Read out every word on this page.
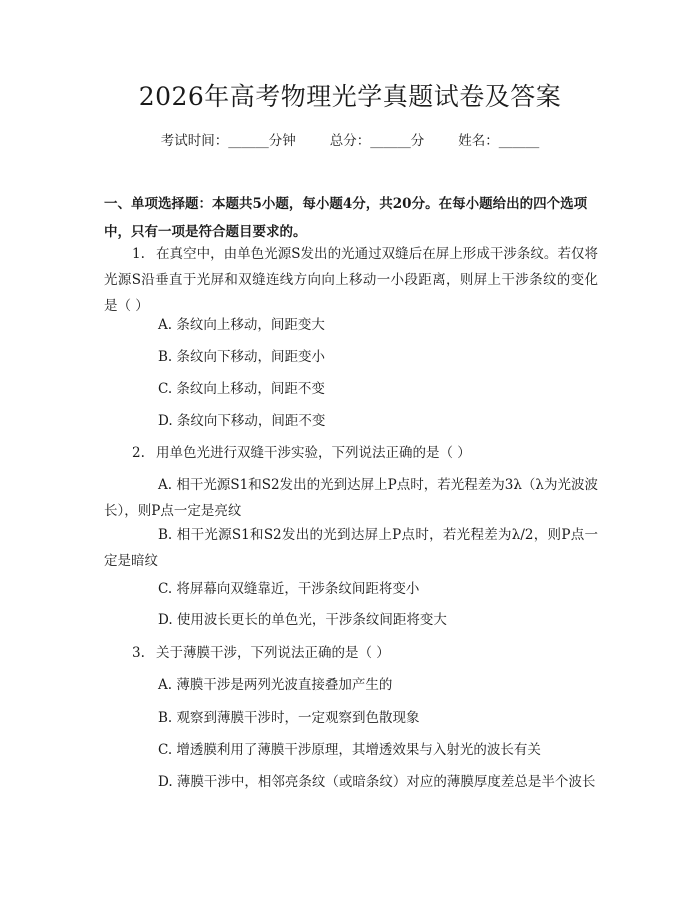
2026年高考物理光学真题试卷及答案
考试时间：______分钟	总分：______分	姓名：______
一、单项选择题：本题共5小题，每小题4分，共20分。在每小题给出的四个选项中，只有一项是符合题目要求的。
1. 在真空中，由单色光源S发出的光通过双缝后在屏上形成干涉条纹。若仅将光源S沿垂直于光屏和双缝连线方向向上移动一小段距离，则屏上干涉条纹的变化是（ ）
A. 条纹向上移动，间距变大
B. 条纹向下移动，间距变小
C. 条纹向上移动，间距不变
D. 条纹向下移动，间距不变
2. 用单色光进行双缝干涉实验，下列说法正确的是（ ）
A. 相干光源S1和S2发出的光到达屏上P点时，若光程差为3λ（λ为光波波长），则P点一定是亮纹
B. 相干光源S1和S2发出的光到达屏上P点时，若光程差为λ/2，则P点一定是暗纹
C. 将屏幕向双缝靠近，干涉条纹间距将变小
D. 使用波长更长的单色光，干涉条纹间距将变大
3. 关于薄膜干涉，下列说法正确的是（ ）
A. 薄膜干涉是两列光波直接叠加产生的
B. 观察到薄膜干涉时，一定观察到色散现象
C. 增透膜利用了薄膜干涉原理，其增透效果与入射光的波长有关
D. 薄膜干涉中，相邻亮条纹（或暗条纹）对应的薄膜厚度差总是半个波长
